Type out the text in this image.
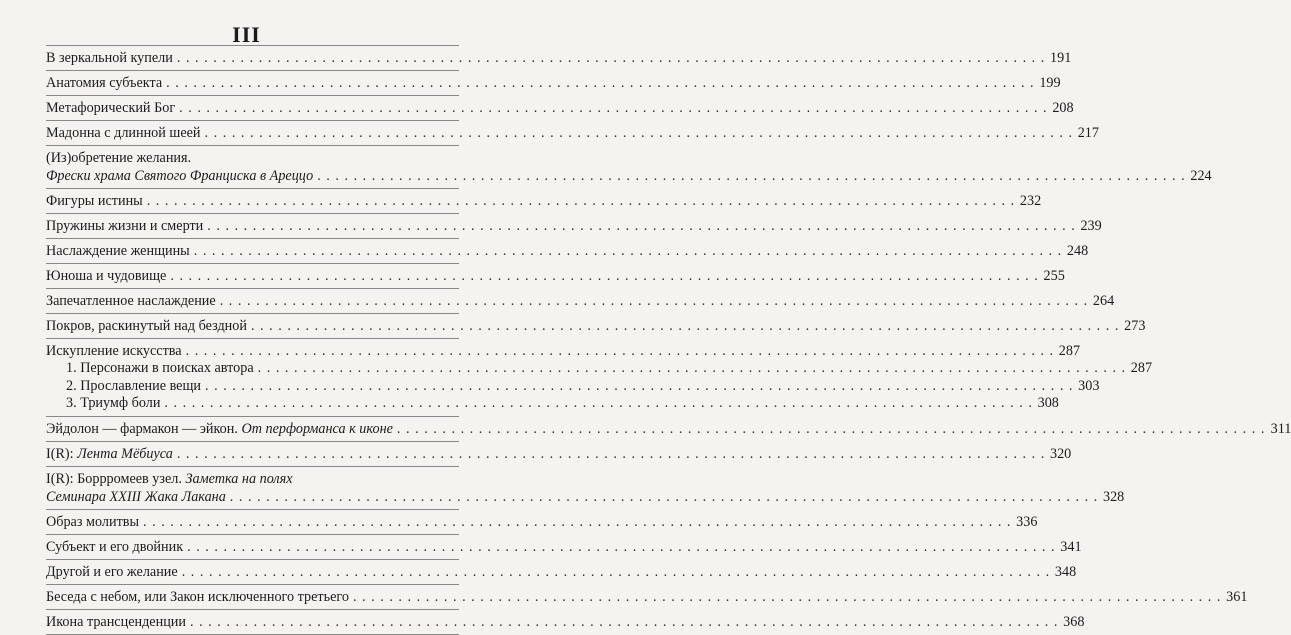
III
В зеркальной купели . . .	191
Анатомия субъекта . . .	199
Метафорический Бог . . .	208
Мадонна с длинной шеей . . .	217
(Из)обретение желания.
Фрески храма Святого Франциска в Ареццо . . .	224
Фигуры истины . . .	232
Пружины жизни и смерти . . .	239
Наслаждение женщины . . .	248
Юноша и чудовище . . .	255
Запечатленное наслаждение . . .	264
Покров, раскинутый над бездной . . .	273
Искупление искусства . . .	287
1. Персонажи в поисках автора . . .	287
2. Прославление вещи . . .	303
3. Триумф боли . . .	308
Эйдолон — фармакон — эйкон. От перформанса к иконе . . .	311
I(R): Лента Мёбиуса . . .	320
I(R): Боррромеев узел. Заметка на полях
Семинара XXIII Жака Лакана . . .	328
Образ молитвы . . .	336
Субъект и его двойник . . .	341
Другой и его желание . . .	348
Беседа с небом, или Закон исключенного третьего . . .	361
Икона трансценденции . . .	368
